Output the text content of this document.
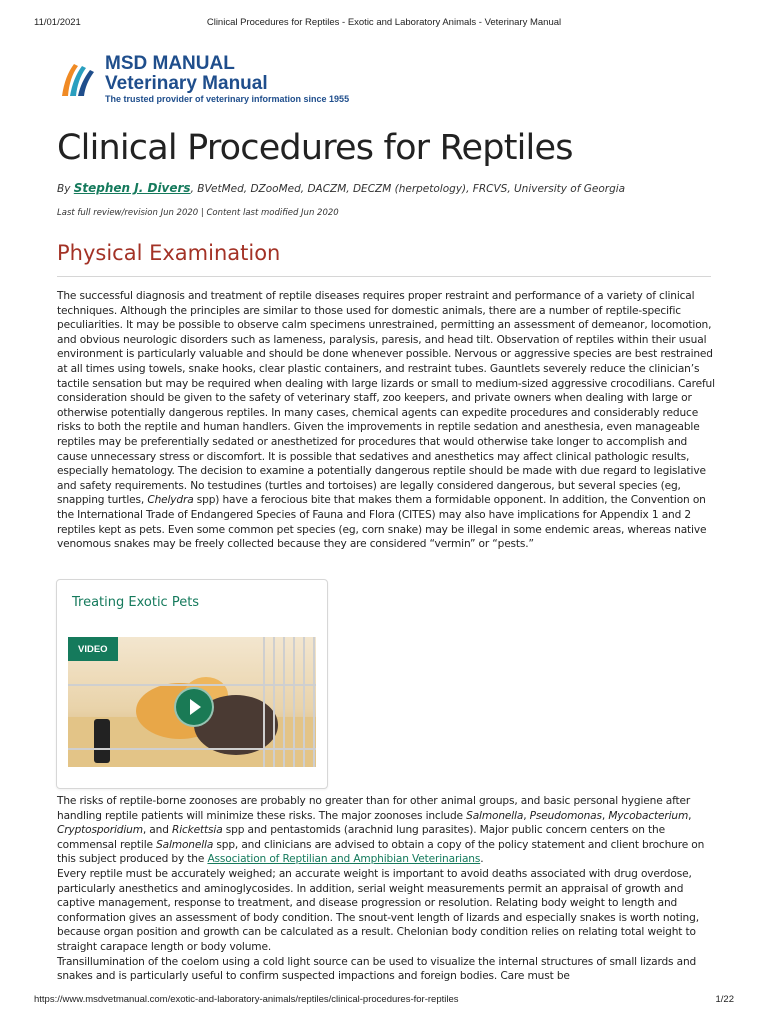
11/01/2021	Clinical Procedures for Reptiles - Exotic and Laboratory Animals - Veterinary Manual
MSD MANUAL
Veterinary Manual
The trusted provider of veterinary information since 1955
Clinical Procedures for Reptiles
By Stephen J. Divers, BVetMed, DZooMed, DACZM, DECZM (herpetology), FRCVS, University of Georgia
Last full review/revision Jun 2020 | Content last modified Jun 2020
Physical Examination

The successful diagnosis and treatment of reptile diseases requires proper restraint and performance of a variety of clinical techniques. Although the principles are similar to those used for domestic animals, there are a number of reptile-specific peculiarities. It may be possible to observe calm specimens unrestrained, permitting an assessment of demeanor, locomotion, and obvious neurologic disorders such as lameness, paralysis, paresis, and head tilt. Observation of reptiles within their usual environment is particularly valuable and should be done whenever possible. Nervous or aggressive species are best restrained at all times using towels, snake hooks, clear plastic containers, and restraint tubes. Gauntlets severely reduce the clinician’s tactile sensation but may be required when dealing with large lizards or small to medium-sized aggressive crocodilians. Careful consideration should be given to the safety of veterinary staff, zoo keepers, and private owners when dealing with large or otherwise potentially dangerous reptiles. In many cases, chemical agents can expedite procedures and considerably reduce risks to both the reptile and human handlers. Given the improvements in reptile sedation and anesthesia, even manageable reptiles may be preferentially sedated or anesthetized for procedures that would otherwise take longer to accomplish and cause unnecessary stress or discomfort. It is possible that sedatives and anesthetics may affect clinical pathologic results, especially hematology. The decision to examine a potentially dangerous reptile should be made with due regard to legislative and safety requirements. No testudines (turtles and tortoises) are legally considered dangerous, but several species (eg, snapping turtles, Chelydra spp) have a ferocious bite that makes them a formidable opponent. In addition, the Convention on the International Trade of Endangered Species of Fauna and Flora (CITES) may also have implications for Appendix 1 and 2 reptiles kept as pets. Even some common pet species (eg, corn snake) may be illegal in some endemic areas, whereas native venomous snakes may be freely collected because they are considered “vermin” or “pests.”

Treating Exotic Pets
VIDEO

The risks of reptile-borne zoonoses are probably no greater than for other animal groups, and basic personal hygiene after handling reptile patients will minimize these risks. The major zoonoses include Salmonella, Pseudomonas, Mycobacterium, Cryptosporidium, and Rickettsia spp and pentastomids (arachnid lung parasites). Major public concern centers on the commensal reptile Salmonella spp, and clinicians are advised to obtain a copy of the policy statement and client brochure on this subject produced by the Association of Reptilian and Amphibian Veterinarians.
Every reptile must be accurately weighed; an accurate weight is important to avoid deaths associated with drug overdose, particularly anesthetics and aminoglycosides. In addition, serial weight measurements permit an appraisal of growth and captive management, response to treatment, and disease progression or resolution. Relating body weight to length and conformation gives an assessment of body condition. The snout-vent length of lizards and especially snakes is worth noting, because organ position and growth can be calculated as a result. Chelonian body condition relies on relating total weight to straight carapace length or body volume.
Transillumination of the coelom using a cold light source can be used to visualize the internal structures of small lizards and snakes and is particularly useful to confirm suspected impactions and foreign bodies. Care must be

https://www.msdvetmanual.com/exotic-and-laboratory-animals/reptiles/clinical-procedures-for-reptiles	1/22
